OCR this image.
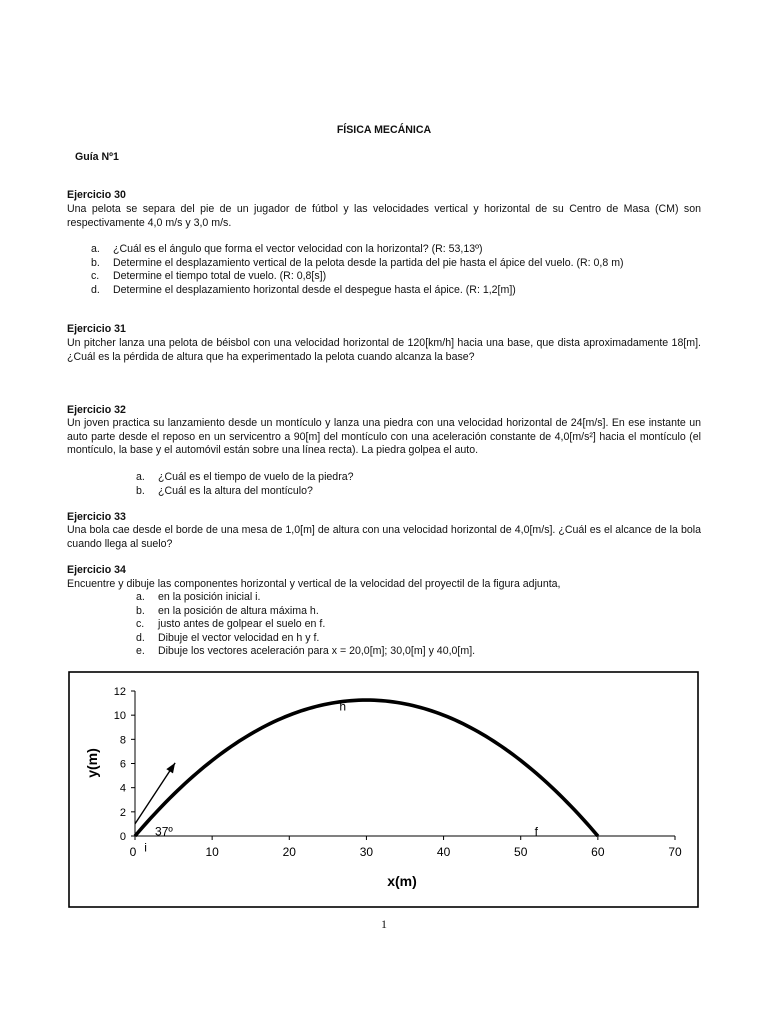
FÍSICA MECÁNICA
Guía Nº1
Ejercicio 30
Una pelota se separa del pie de un jugador de fútbol y las velocidades vertical y horizontal de su Centro de Masa (CM) son respectivamente 4,0 m/s y 3,0 m/s.
a. ¿Cuál es el ángulo que forma el vector velocidad con la horizontal? (R: 53,13º)
b. Determine el desplazamiento vertical de la pelota desde la partida del pie hasta el ápice del vuelo. (R: 0,8 m)
c. Determine el tiempo total de vuelo. (R: 0,8[s])
d. Determine el desplazamiento horizontal desde el despegue hasta el ápice. (R: 1,2[m])
Ejercicio 31
Un pitcher lanza una pelota de béisbol con una velocidad horizontal de 120[km/h] hacia una base, que dista aproximadamente 18[m]. ¿Cuál es la pérdida de altura que ha experimentado la pelota cuando alcanza la base?
Ejercicio 32
Un joven practica su lanzamiento desde un montículo y lanza una piedra con una velocidad horizontal de 24[m/s]. En ese instante un auto parte desde el reposo en un servicentro a 90[m] del montículo con una aceleración constante de 4,0[m/s²] hacia el montículo (el montículo, la base y el automóvil están sobre una línea recta). La piedra golpea el auto.
a. ¿Cuál es el tiempo de vuelo de la piedra?
b. ¿Cuál es la altura del montículo?
Ejercicio 33
Una bola cae desde el borde de una mesa de 1,0[m] de altura con una velocidad horizontal de 4,0[m/s]. ¿Cuál es el alcance de la bola cuando llega al suelo?
Ejercicio 34
Encuentre y dibuje las componentes horizontal y vertical de la velocidad del proyectil de la figura adjunta,
a. en la posición inicial i.
b. en la posición de altura máxima h.
c. justo antes de golpear el suelo en f.
d. Dibuje el vector velocidad en h y f.
e. Dibuje los vectores aceleración para x = 20,0[m]; 30,0[m] y 40,0[m].
0	10	20	30	40	50	60	70
0
2
4
6
8
10
12
h
i
37º	f
x(m)
y(m)
1
